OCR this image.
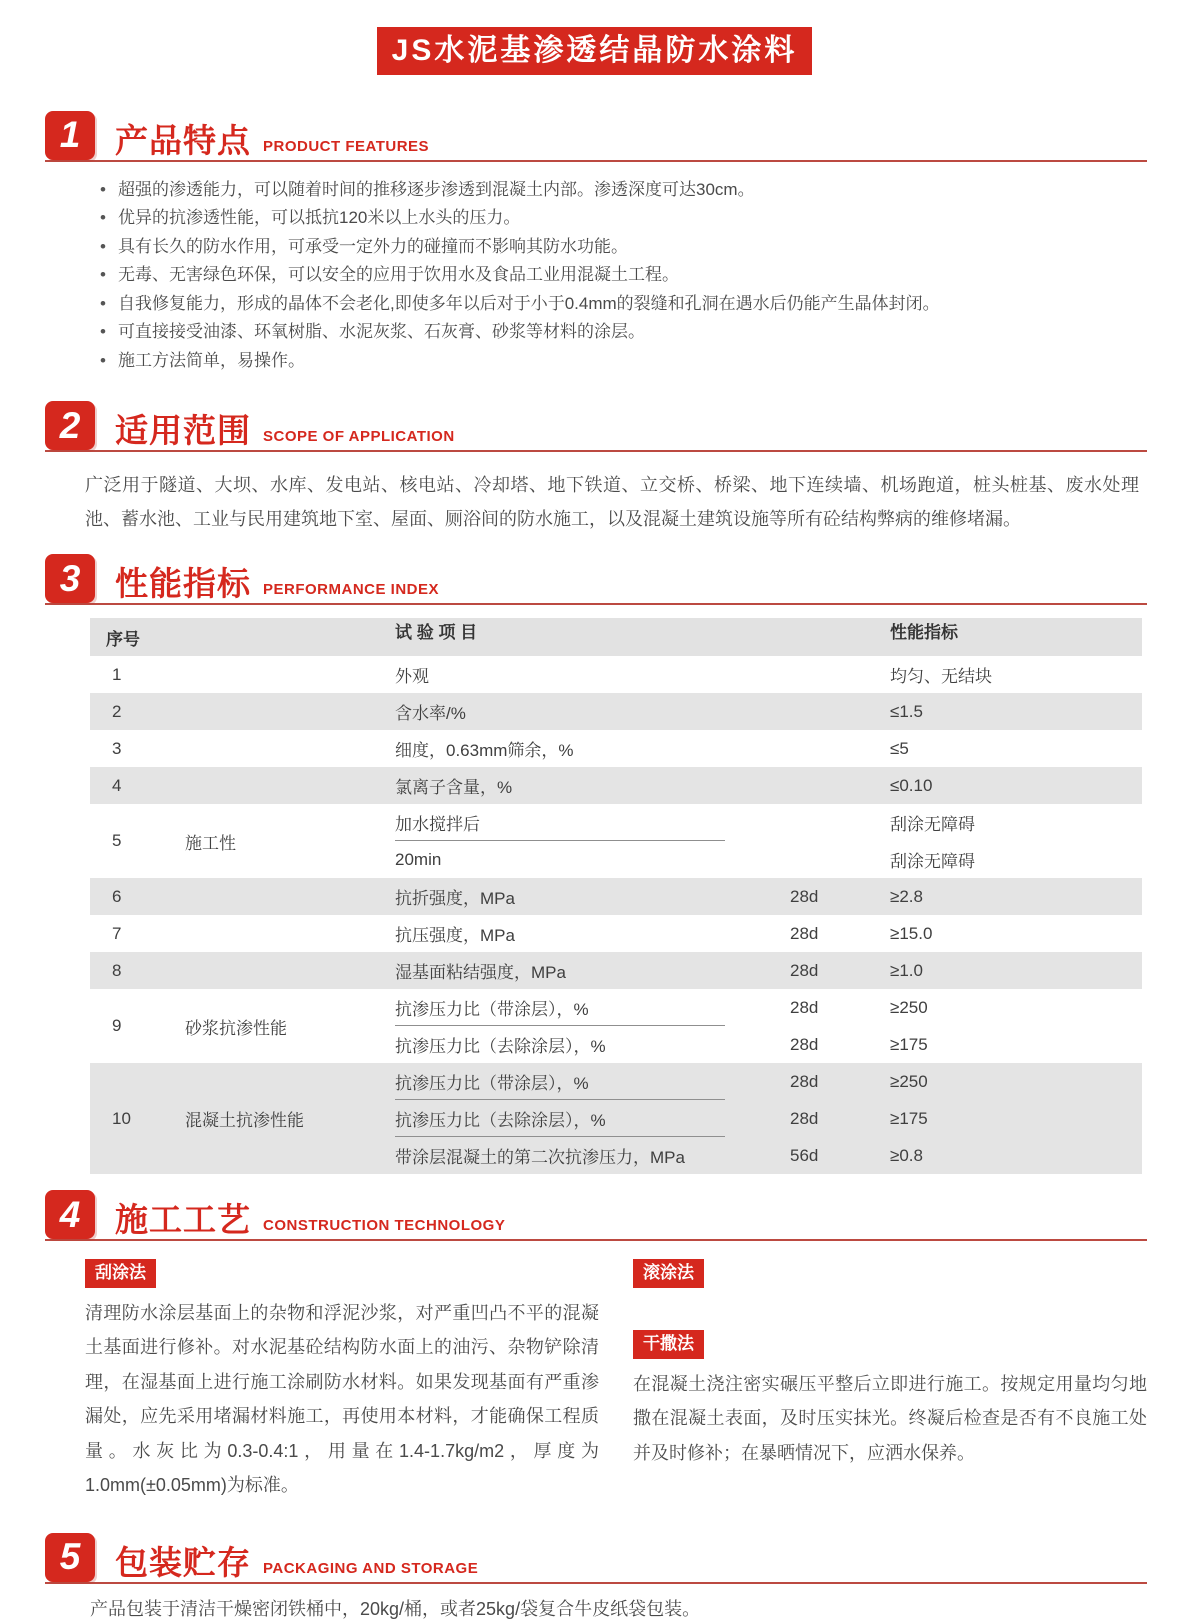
JS水泥基渗透结晶防水涂料
1	产品特点 PRODUCT FEATURES
• 超强的渗透能力，可以随着时间的推移逐步渗透到混凝土内部。渗透深度可达30cm。
• 优异的抗渗透性能，可以抵抗120米以上水头的压力。
• 具有长久的防水作用，可承受一定外力的碰撞而不影响其防水功能。
• 无毒、无害绿色环保，可以安全的应用于饮用水及食品工业用混凝土工程。
• 自我修复能力，形成的晶体不会老化,即使多年以后对于小于0.4mm的裂缝和孔洞在遇水后仍能产生晶体封闭。
• 可直接接受油漆、环氧树脂、水泥灰浆、石灰膏、砂浆等材料的涂层。
• 施工方法简单，易操作。
2	适用范围 SCOPE OF APPLICATION
广泛用于隧道、大坝、水库、发电站、核电站、冷却塔、地下铁道、立交桥、桥梁、地下连续墙、机场跑道，桩头桩基、废水处理池、蓄水池、工业与民用建筑地下室、屋面、厕浴间的防水施工，以及混凝土建筑设施等所有砼结构弊病的维修堵漏。
3	性能指标 PERFORMANCE INDEX
序号	试 验 项 目	性能指标
1	外观	均匀、无结块
2	含水率/%	≤1.5
3	细度，0.63mm筛余，%	≤5
4	氯离子含量，%	≤0.10
5	施工性
加水搅拌后	刮涂无障碍
20min	刮涂无障碍
6	抗折强度，MPa	28d	≥2.8
7	抗压强度，MPa	28d	≥15.0
8	湿基面粘结强度，MPa	28d	≥1.0
9	砂浆抗渗性能
抗渗压力比（带涂层），%	28d	≥250
抗渗压力比（去除涂层），%	28d	≥175
10	混凝土抗渗性能
抗渗压力比（带涂层），%	28d	≥250
抗渗压力比（去除涂层），%	28d	≥175
带涂层混凝土的第二次抗渗压力，MPa	56d	≥0.8
4	施工工艺 CONSTRUCTION TECHNOLOGY
刮涂法
清理防水涂层基面上的杂物和浮泥沙浆，对严重凹凸不平的混凝土基面进行修补。对水泥基砼结构防水面上的油污、杂物铲除清理，在湿基面上进行施工涂刷防水材料。如果发现基面有严重渗漏处，应先采用堵漏材料施工，再使用本材料，才能确保工程质量。水灰比为0.3-0.4:1，用量在1.4-1.7kg/m2，厚度为1.0mm(±0.05mm)为标准。
滚涂法
干撒法
在混凝土浇注密实碾压平整后立即进行施工。按规定用量均匀地撒在混凝土表面，及时压实抹光。终凝后检查是否有不良施工处并及时修补；在暴晒情况下，应洒水保养。
5	包装贮存 PACKAGING AND STORAGE
产品包装于清洁干燥密闭铁桶中，20kg/桶，或者25kg/袋复合牛皮纸袋包装。
